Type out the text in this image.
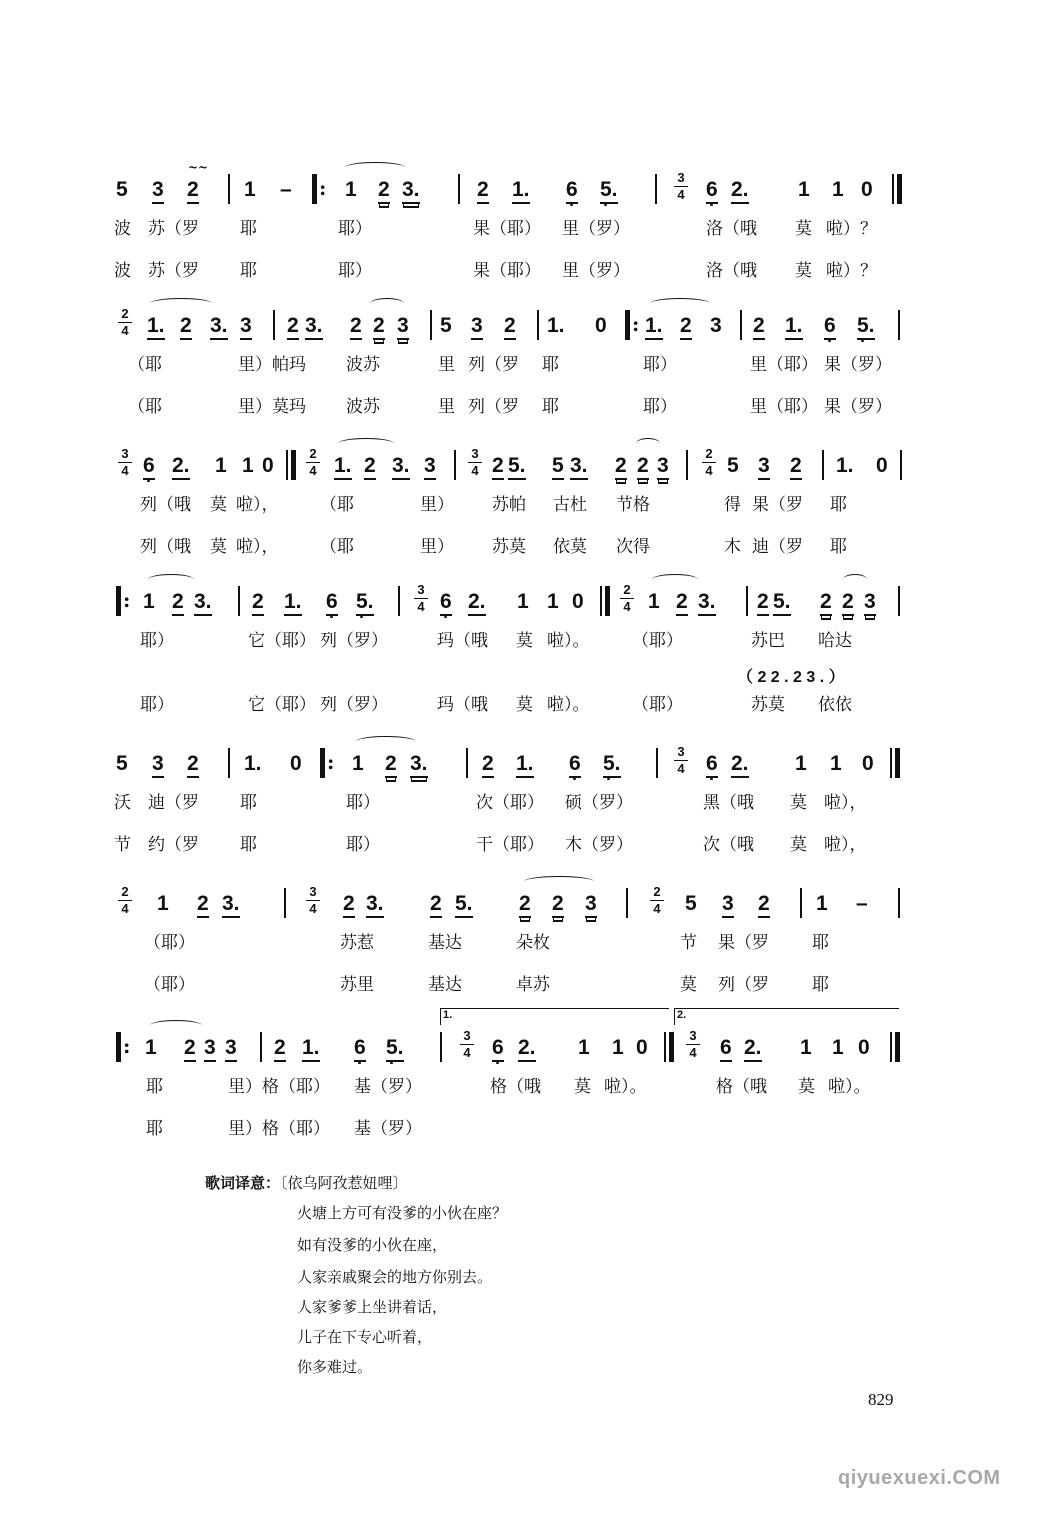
5 3 2
~~
1 – :	1 2 3.	2 1. 6 · 5. ·
3
4 6 · 2. 1 1 0
波 苏（罗 耶	耶）	果（耶） 里（罗）	洛（哦 莫 啦）？
波 苏（罗 耶	耶）	果（耶） 里（罗）	洛（哦 莫 啦）？
2
4 1. 2 3. 3 2 3. 2 2 3 5 3 2 1. 0 : 1. 2 3 2 1. 6 · 5. ·
（耶	里）帕玛 波苏	里 列（罗 耶	耶）	里（耶） 果（罗）
（耶	里）莫玛 波苏	里 列（罗 耶	耶）	里（耶） 果（罗）
3
4 6 · 2. 1 1 0
2
4 1. 2 3. 3
3
4 2 5. 5 3. 2 2 3
2
4 5 3 2 1. 0
列（哦 莫 啦）， （耶	里） 苏帕 古杜 节格	得 果（罗 耶
列（哦 莫 啦）， （耶	里） 苏莫 依莫 次得	木 迪（罗 耶
:
1 2 3. 2 1. 6 · 5. ·
3
4 6 · 2. 1 1 0
2
4 1 2 3. 2 5. 2 2 3
耶）	它（耶） 列（罗）	玛（哦 莫 啦）。	（耶）	苏巴 哈达
（ 2 2 . 2 3 . ）
耶）	它（耶） 列（罗）	玛（哦 莫 啦）。	（耶）	苏莫 依依
5 3 2 1. 0 : 1 2 3.	2 1. 6 · 5. ·
3
4 6 · 2. 1 1 0
沃 迪（罗 耶	耶）	次（耶） 硕（罗）	黑（哦 莫 啦），
节 约（罗 耶	耶）	干（耶） 木（罗）	次（哦 莫 啦），
2
4 1 2 3.
3
4 2 3. 2 5. 2 2 3
2
4 5 3 2 1 –
（耶）	苏惹	基达	朵枚	节 果（罗	耶
（耶）	苏里	基达	卓苏	莫 列（罗	耶
1.	2.
:
1 2 3 3 2 1. 6 · 5. ·
3
4 6 · 2. 1 1 0
3
4 6 2. 1 1 0
耶	里）格（耶） 基（罗）	格（哦 莫 啦）。	格（哦 莫 啦）。
耶	里）格（耶） 基（罗）
歌词译意：〔依乌阿孜惹妞哩〕
火塘上方可有没爹的小伙在座？
如有没爹的小伙在座，
人家亲戚聚会的地方你别去。
人家爹爹上坐讲着话，
儿子在下专心听着，
你多难过。
829
qiyuexuexi.COM
